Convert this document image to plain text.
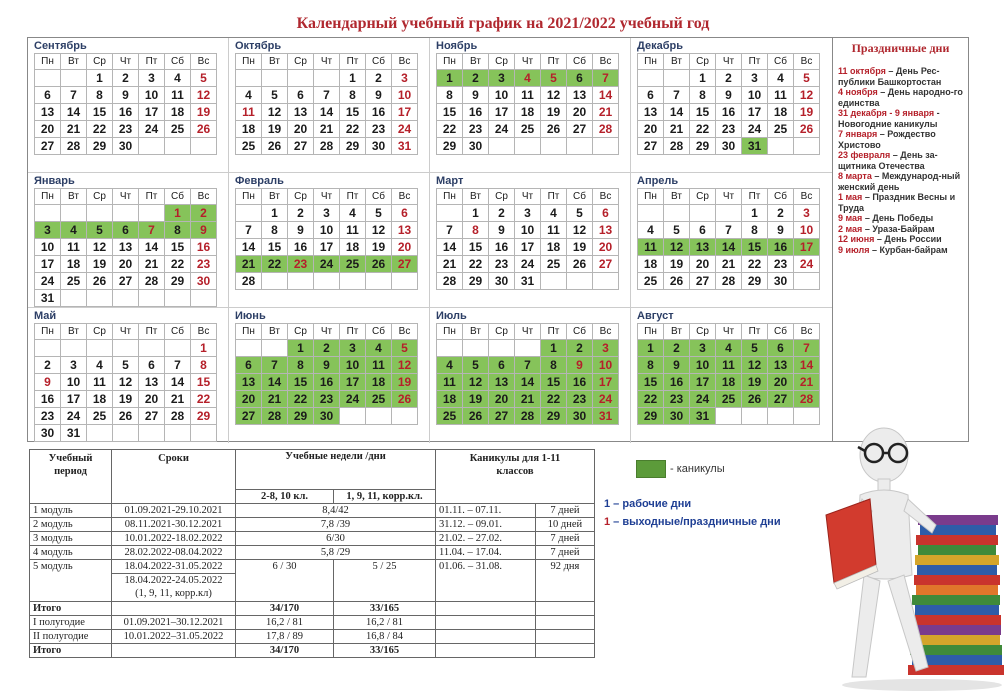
Календарный учебный график на 2021/2022 учебный год
Сентябрь
Пн	Вт	Ср	Чт	Пт	Сб	Вс
		1	2	3	4	5
6	7	8	9	10	11	12
13	14	15	16	17	18	19
20	21	22	23	24	25	26
27	28	29	30			
Октябрь
Пн	Вт	Ср	Чт	Пт	Сб	Вс
				1	2	3
4	5	6	7	8	9	10
11	12	13	14	15	16	17
18	19	20	21	22	23	24
25	26	27	28	29	30	31
Ноябрь
Пн	Вт	Ср	Чт	Пт	Сб	Вс
1	2	3	4	5	6	7
8	9	10	11	12	13	14
15	16	17	18	19	20	21
22	23	24	25	26	27	28
29	30					
Декабрь
Пн	Вт	Ср	Чт	Пт	Сб	Вс
		1	2	3	4	5
6	7	8	9	10	11	12
13	14	15	16	17	18	19
20	21	22	23	24	25	26
27	28	29	30	31		
Январь
Пн	Вт	Ср	Чт	Пт	Сб	Вс
					1	2
3	4	5	6	7	8	9
10	11	12	13	14	15	16
17	18	19	20	21	22	23
24	25	26	27	28	29	30
31						
Февраль
Пн	Вт	Ср	Чт	Пт	Сб	Вс
	1	2	3	4	5	6
7	8	9	10	11	12	13
14	15	16	17	18	19	20
21	22	23	24	25	26	27
28						
Март
Пн	Вт	Ср	Чт	Пт	Сб	Вс
	1	2	3	4	5	6
7	8	9	10	11	12	13
14	15	16	17	18	19	20
21	22	23	24	25	26	27
28	29	30	31			
Апрель
Пн	Вт	Ср	Чт	Пт	Сб	Вс
				1	2	3
4	5	6	7	8	9	10
11	12	13	14	15	16	17
18	19	20	21	22	23	24
25	26	27	28	29	30	
Май
Пн	Вт	Ср	Чт	Пт	Сб	Вс
						1
2	3	4	5	6	7	8
9	10	11	12	13	14	15
16	17	18	19	20	21	22
23	24	25	26	27	28	29
30	31					
Июнь
Пн	Вт	Ср	Чт	Пт	Сб	Вс
		1	2	3	4	5
6	7	8	9	10	11	12
13	14	15	16	17	18	19
20	21	22	23	24	25	26
27	28	29	30			
Июль
Пн	Вт	Ср	Чт	Пт	Сб	Вс
				1	2	3
4	5	6	7	8	9	10
11	12	13	14	15	16	17
18	19	20	21	22	23	24
25	26	27	28	29	30	31
Август
Пн	Вт	Ср	Чт	Пт	Сб	Вс
1	2	3	4	5	6	7
8	9	10	11	12	13	14
15	16	17	18	19	20	21
22	23	24	25	26	27	28
29	30	31				
Праздничные дни
11 октября – День Рес-публики Башкортостан
4 ноября – День народно-го единства
31 декабря - 9 января - Новогодние каникулы
7 января – Рождество Христово
23 февраля – День за-щитника Отечества
8 марта – Международ-ный женский день
1 мая – Праздник Весны и Труда
9 мая – День Победы
2 мая – Ураза-Байрам
12 июня – День России
9 июля – Курбан-байрам
Учебный период	Сроки	Учебные недели /дни		Каникулы для 1-11 классов	
		2-8, 10 кл.	1, 9, 11, корр.кл.		
1 модуль	01.09.2021-29.10.2021	8,4/42		01.11. – 07.11.	7 дней
2 модуль	08.11.2021-30.12.2021	7,8 /39		31.12. – 09.01.	10 дней
3 модуль	10.01.2022-18.02.2022	6/30		21.02. – 27.02.	7 дней
4 модуль	28.02.2022-08.04.2022	5,8 /29		11.04. – 17.04.	7 дней
5 модуль	18.04.2022-31.05.2022
18.04.2022-24.05.2022
(1, 9, 11, корр.кл)	6 / 30	5 / 25	01.06. – 31.08.	92 дня
Итого		34/170	33/165		
I полугодие	01.09.2021–30.12.2021	16,2 / 81	16,2 / 81		
II полугодие	10.01.2022–31.05.2022	17,8 / 89	16,8 / 84		
Итого		34/170	33/165		
- каникулы
1 – рабочие дни
1 – выходные/праздничные дни
